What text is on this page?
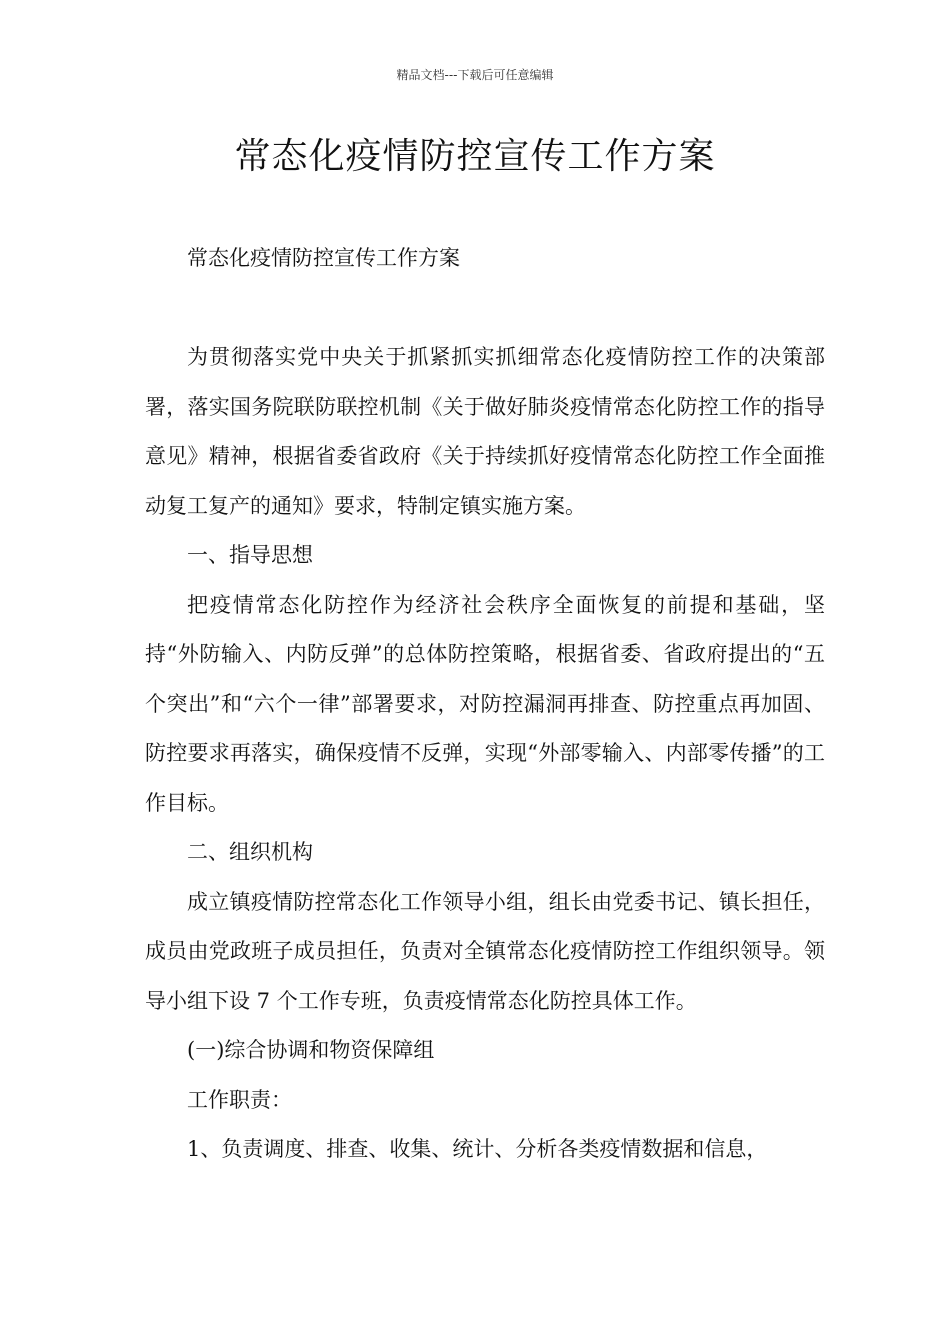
精品文档---下载后可任意编辑
常态化疫情防控宣传工作方案

常态化疫情防控宣传工作方案

为贯彻落实党中央关于抓紧抓实抓细常态化疫情防控工作的决策部署，落实国务院联防联控机制《关于做好肺炎疫情常态化防控工作的指导意见》精神，根据省委省政府《关于持续抓好疫情常态化防控工作全面推动复工复产的通知》要求，特制定镇实施方案。

一、指导思想

把疫情常态化防控作为经济社会秩序全面恢复的前提和基础，坚持“外防输入、内防反弹”的总体防控策略，根据省委、省政府提出的“五个突出”和“六个一律”部署要求，对防控漏洞再排查、防控重点再加固、防控要求再落实，确保疫情不反弹，实现“外部零输入、内部零传播”的工作目标。

二、组织机构

成立镇疫情防控常态化工作领导小组，组长由党委书记、镇长担任，成员由党政班子成员担任，负责对全镇常态化疫情防控工作组织领导。领导小组下设 7 个工作专班，负责疫情常态化防控具体工作。

(一)综合协调和物资保障组

工作职责：

1、负责调度、排查、收集、统计、分析各类疫情数据和信息，
